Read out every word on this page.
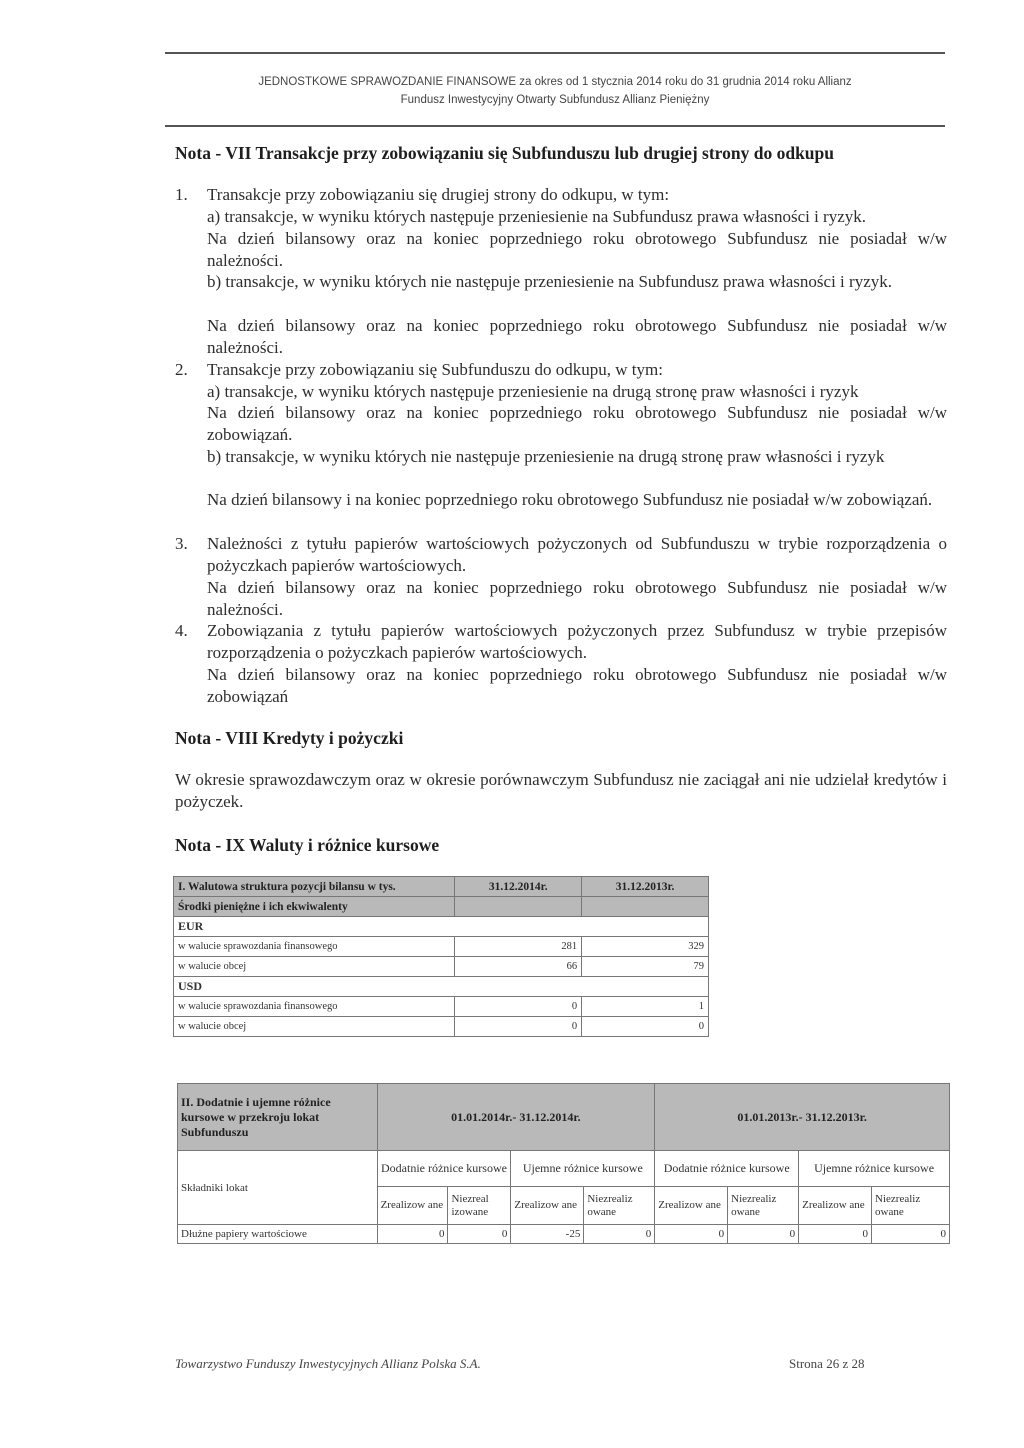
JEDNOSTKOWE SPRAWOZDANIE FINANSOWE za okres od 1 stycznia 2014 roku do 31 grudnia 2014 roku Allianz
Fundusz Inwestycyjny Otwarty Subfundusz Allianz Pieniężny
Nota - VII Transakcje przy zobowiązaniu się Subfunduszu lub drugiej strony do odkupu
1. Transakcje przy zobowiązaniu się drugiej strony do odkupu, w tym:

a) transakcje, w wyniku których następuje przeniesienie na Subfundusz prawa własności i ryzyk.

Na dzień bilansowy oraz na koniec poprzedniego roku obrotowego Subfundusz nie posiadał w/w należności.

b) transakcje, w wyniku których nie następuje przeniesienie na Subfundusz prawa własności i ryzyk.

Na dzień bilansowy oraz na koniec poprzedniego roku obrotowego Subfundusz nie posiadał w/w należności.

2. Transakcje przy zobowiązaniu się Subfunduszu do odkupu, w tym:

a) transakcje, w wyniku których następuje przeniesienie na drugą stronę praw własności i ryzyk

Na dzień bilansowy oraz na koniec poprzedniego roku obrotowego Subfundusz nie posiadał w/w zobowiązań.

b) transakcje, w wyniku których nie następuje przeniesienie na drugą stronę praw własności i ryzyk

Na dzień bilansowy i na koniec poprzedniego roku obrotowego Subfundusz nie posiadał w/w zobowiązań.

3. Należności z tytułu papierów wartościowych pożyczonych od Subfunduszu w trybie rozporządzenia o pożyczkach papierów wartościowych.

Na dzień bilansowy oraz na koniec poprzedniego roku obrotowego Subfundusz nie posiadał w/w należności.

4. Zobowiązania z tytułu papierów wartościowych pożyczonych przez Subfundusz w trybie przepisów rozporządzenia o pożyczkach papierów wartościowych.

Na dzień bilansowy oraz na koniec poprzedniego roku obrotowego Subfundusz nie posiadał w/w zobowiązań

Nota - VIII Kredyty i pożyczki

W okresie sprawozdawczym oraz w okresie porównawczym Subfundusz nie zaciągał ani nie udzielał kredytów i pożyczek.

Nota - IX Waluty i różnice kursowe
I. Walutowa struktura pozycji bilansu w tys.	31.12.2014r.	31.12.2013r.
Środki pieniężne i ich ekwiwalenty		
EUR		
w walucie sprawozdania finansowego	281	329
w walucie obcej	66	79
USD		
w walucie sprawozdania finansowego	0	1
w walucie obcej	0	0
II. Dodatnie i ujemne różnice kursowe w przekroju lokat Subfunduszu	01.01.2014r.- 31.12.2014r.				01.01.2013r.- 31.12.2013r.			
Składniki lokat	Dodatnie różnice kursowe		Ujemne różnice kursowe		Dodatnie różnice kursowe		Ujemne różnice kursowe	
	Zrealizow ane	Niezreal izowane	Zrealizow ane	Niezrealiz owane	Zrealizow ane	Niezrealiz owane	Zrealizow ane	Niezrealiz owane
Dłużne papiery wartościowe	0	0	-25	0	0	0	0	0
Towarzystwo Funduszy Inwestycyjnych Allianz Polska S.A.	Strona 26 z 28
